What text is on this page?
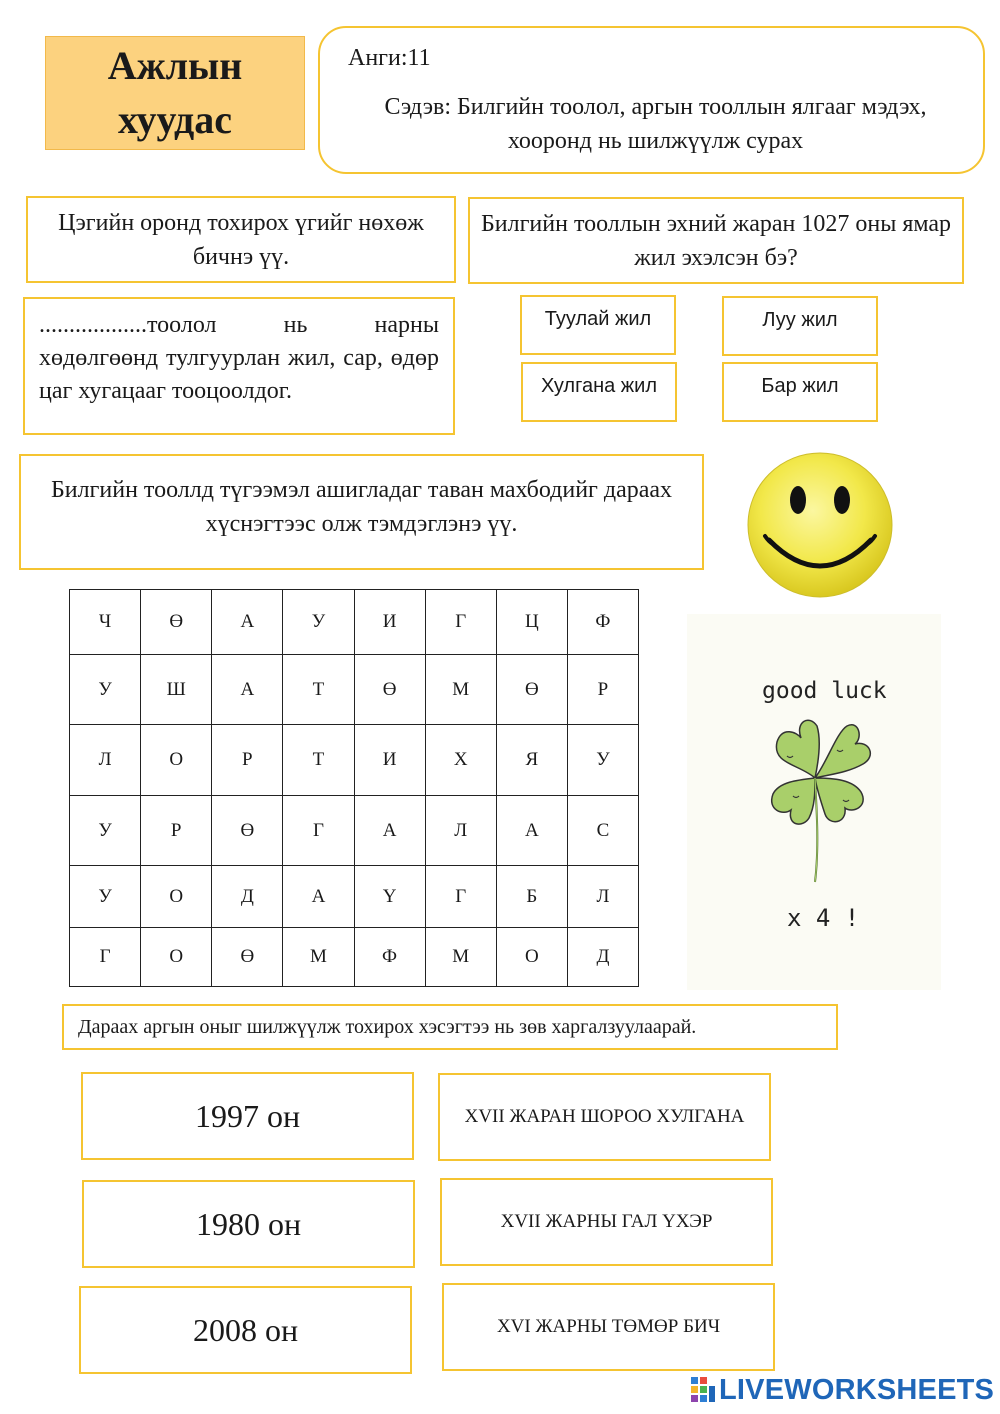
Ажлын хуудас
Анги:11
Сэдэв: Билгийн тоолол, аргын тооллын ялгааг мэдэх, хооронд нь шилжүүлж сурах
Цэгийн оронд тохирох үгийг нөхөж бичнэ үү.
Билгийн тооллын эхний жаран 1027 оны ямар жил эхэлсэн бэ?
..................тоолол нь нарны хөдөлгөөнд тулгуурлан жил, сар, өдөр цаг хугацааг тооцоолдог.
Туулай жил	Луу жил
Хулгана жил	Бар жил
Билгийн тооллд түгээмэл ашигладаг таван махбодийг дараах хүснэгтээс олж тэмдэглэнэ үү.
Ч	Ө	А	У	И	Г	Ц	Ф
У	Ш	А	Т	Ө	М	Ө	Р
Л	О	Р	Т	И	Х	Я	У
У	Р	Ө	Г	А	Л	А	С
У	О	Д	А	Ү	Г	Б	Л
Г	О	Ө	М	Ф	М	О	Д
good luck
x 4 !
Дараах аргын оныг шилжүүлж тохирох хэсэгтээ нь зөв харгалзуулаарай.
1997 он
1980 он
2008 он
XVII ЖАРАН ШОРОО ХУЛГАНА
XVII ЖАРНЫ ГАЛ ҮХЭР
XVI ЖАРНЫ ТӨМӨР БИЧ
LIVEWORKSHEETS
